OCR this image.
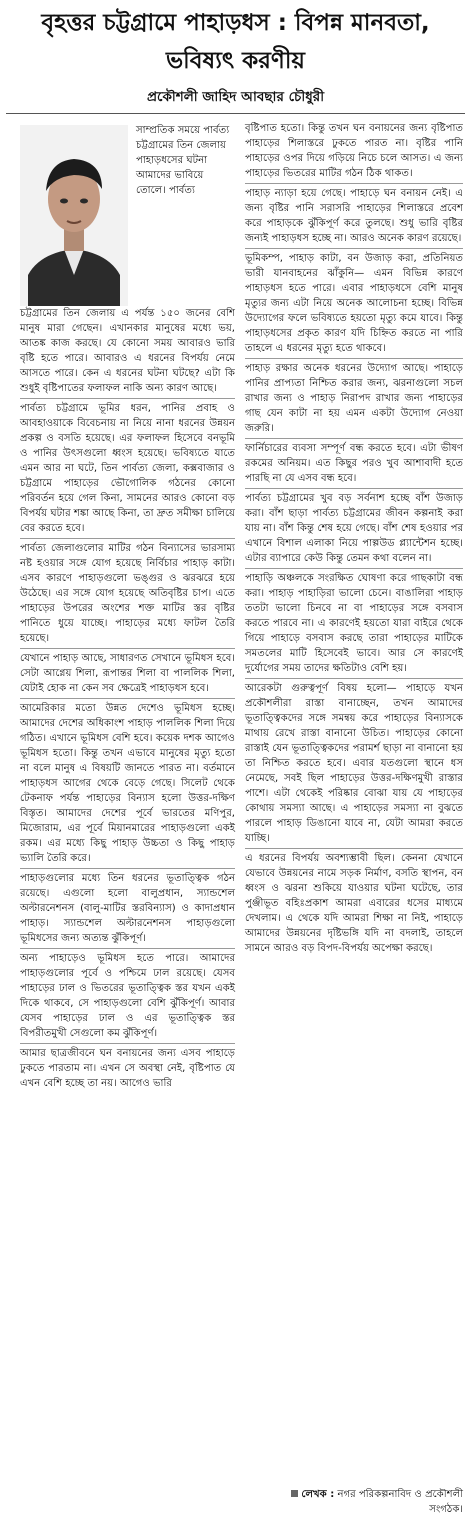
বৃহত্তর চট্টগ্রামে পাহাড়ধস : বিপন্ন মানবতা, ভবিষ্যৎ করণীয়
প্রকৌশলী জাহিদ আবছার চৌধুরী
সাম্প্রতিক সময়ে পার্বত্য চট্টগ্রামের তিন জেলায় পাহাড়ধসের ঘটনা আমাদের ভাবিয়ে তোলে। পার্বত্য

চট্টগ্রামের তিন জেলায় এ পর্যন্ত ১৫০ জনের বেশি মানুষ মারা গেছেন। এখানকার মানুষের মধ্যে ভয়, আতঙ্ক কাজ করছে। যে কোনো সময় আবারও ভারি বৃষ্টি হতে পারে। আবারও এ ধরনের বিপর্যয় নেমে আসতে পারে। কেন এ ধরনের ঘটনা ঘটছে? এটা কি শুধুই বৃষ্টিপাতের ফলাফল নাকি অন্য কারণ আছে।

পার্বত্য চট্টগ্রামে ভূমির ধরন, পানির প্রবাহ ও আবহাওয়াকে বিবেচনায় না নিয়ে নানা ধরনের উন্নয়ন প্রকল্প ও বসতি হয়েছে। এর ফলাফল হিসেবে বনভূমি ও পানির উৎসগুলো ধ্বংস হয়েছে। ভবিষ্যতে যাতে এমন আর না ঘটে, তিন পার্বত্য জেলা, কক্সবাজার ও চট্টগ্রামে পাহাড়ের ভৌগোলিক গঠনের কোনো পরিবর্তন হয়ে গেল কিনা, সামনের আরও কোনো বড় বিপর্যয় ঘটার শঙ্কা আছে কিনা, তা দ্রুত সমীক্ষা চালিয়ে বের করতে হবে।

পার্বত্য জেলাগুলোর মাটির গঠন বিন্যাসের ভারসাম্য নষ্ট হওয়ার সঙ্গে যোগ হয়েছে নির্বিচার পাহাড় কাটা। এসব কারণে পাহাড়গুলো ভঙ্গুর ও ঝরঝরে হয়ে উঠেছে। এর সঙ্গে যোগ হয়েছে অতিবৃষ্টির চাপ। এতে পাহাড়ের উপরের অংশের শক্ত মাটির স্তর বৃষ্টির পানিতে ধুয়ে যাচ্ছে। পাহাড়ের মধ্যে ফাটল তৈরি হয়েছে।

যেখানে পাহাড় আছে, সাধারণত সেখানে ভূমিধস হবে। সেটা আগ্নেয় শিলা, রূপান্তর শিলা বা পাললিক শিলা, যেটাই হোক না কেন সব ক্ষেত্রেই পাহাড়ধস হবে।

আমেরিকার মতো উন্নত দেশেও ভূমিধস হচ্ছে। আমাদের দেশের অধিকাংশ পাহাড় পাললিক শিলা দিয়ে গঠিত। এখানে ভূমিধস বেশি হবে। কয়েক দশক আগেও ভূমিধস হতো। কিন্তু তখন এভাবে মানুষের মৃত্যু হতো না বলে মানুষ এ বিষয়টি জানতে পারত না। বর্তমানে পাহাড়ধস আগের থেকে বেড়ে গেছে। সিলেট থেকে টেকনাফ পর্যন্ত পাহাড়ের বিন্যাস হলো উত্তর-দক্ষিণ বিস্তৃত। আমাদের দেশের পূর্বে ভারতের মণিপুর, মিজোরাম, এর পূর্বে মিয়ানমারের পাহাড়গুলো একই রকম। এর মধ্যে কিছু পাহাড় উচ্চতা ও কিছু পাহাড় ভ্যালি তৈরি করে।

পাহাড়গুলোর মধ্যে তিন ধরনের ভূতাত্ত্বিক গঠন রয়েছে। এগুলো হলো বালুপ্রধান, স্যান্ডশেল অল্টারনেশনস (বালু-মাটির স্তরবিন্যাস) ও কাদাপ্রধান পাহাড়। স্যান্ডশেল অল্টারনেশনস পাহাড়গুলো ভূমিধসের জন্য অত্যন্ত ঝুঁকিপূর্ণ।

অন্য পাহাড়েও ভূমিধস হতে পারে। আমাদের পাহাড়গুলোর পূর্বে ও পশ্চিমে ঢাল রয়েছে। যেসব পাহাড়ের ঢাল ও ভিতরের ভূতাত্ত্বিক স্তর যখন একই দিকে থাকবে, সে পাহাড়গুলো বেশি ঝুঁকিপূর্ণ। আবার যেসব পাহাড়ের ঢাল ও এর ভূতাত্ত্বিক স্তর বিপরীতমুখী সেগুলো কম ঝুঁকিপূর্ণ।

আমার ছাত্রজীবনে ঘন বনায়নের জন্য এসব পাহাড়ে ঢুকতে পারতাম না। এখন সে অবস্থা নেই, বৃষ্টিপাত যে এখন বেশি হচ্ছে তা নয়। আগেও ভারি

বৃষ্টিপাত হতো। কিন্তু তখন ঘন বনায়নের জন্য বৃষ্টিপাত পাহাড়ের শিলাস্তরে ঢুকতে পারত না। বৃষ্টির পানি পাহাড়ের ওপর দিয়ে গড়িয়ে নিচে চলে আসত। এ জন্য পাহাড়ের ভিতরের মাটির গঠন ঠিক থাকত।

পাহাড় ন্যাড়া হয়ে গেছে। পাহাড়ে ঘন বনায়ন নেই। এ জন্য বৃষ্টির পানি সরাসরি পাহাড়ের শিলাস্তরে প্রবেশ করে পাহাড়কে ঝুঁকিপূর্ণ করে তুলছে। শুধু ভারি বৃষ্টির জন্যই পাহাড়ধস হচ্ছে না। আরও অনেক কারণ রয়েছে।

ভূমিকম্প, পাহাড় কাটা, বন উজাড় করা, প্রতিনিয়ত ভারী যানবাহনের ঝাঁকুনি— এমন বিভিন্ন কারণে পাহাড়ধস হতে পারে। এবার পাহাড়ধসে বেশি মানুষ মৃত্যুর জন্য এটা নিয়ে অনেক আলোচনা হচ্ছে। বিভিন্ন উদ্যোগের ফলে ভবিষ্যতে হয়তো মৃত্যু কমে যাবে। কিন্তু পাহাড়ধসের প্রকৃত কারণ যদি চিহ্নিত করতে না পারি তাহলে এ ধরনের মৃত্যু হতে থাকবে।

পাহাড় রক্ষার অনেক ধরনের উদ্যোগ আছে। পাহাড়ে পানির প্রাপ্যতা নিশ্চিত করার জন্য, ঝরনাগুলো সচল রাখার জন্য ও পাহাড় নিরাপদ রাখার জন্য পাহাড়ের গাছ যেন কাটা না হয় এমন একটা উদ্যোগ নেওয়া জরুরি।

ফার্নিচারের ব্যবসা সম্পূর্ণ বন্ধ করতে হবে। এটা ভীষণ রকমের অনিয়ম। এত কিছুর পরও খুব আশাবাদী হতে পারছি না যে এসব বন্ধ হবে।

পার্বত্য চট্টগ্রামের খুব বড় সর্বনাশ হচ্ছে বাঁশ উজাড় করা। বাঁশ ছাড়া পার্বত্য চট্টগ্রামের জীবন কল্পনাই করা যায় না। বাঁশ কিন্তু শেষ হয়ে গেছে। বাঁশ শেষ হওয়ার পর এখানে বিশাল এলাকা নিয়ে পাল্পউড প্ল্যান্টেশন হচ্ছে। এটার ব্যাপারে কেউ কিন্তু তেমন কথা বলেন না।

পাহাড়ি অঞ্চলকে সংরক্ষিত ঘোষণা করে গাছকাটা বন্ধ করা। পাহাড় পাহাড়িরা ভালো চেনে। বাঙালিরা পাহাড় ততটা ভালো চিনবে না বা পাহাড়ের সঙ্গে বসবাস করতে পারবে না। এ কারণেই হয়তো যারা বাইরে থেকে গিয়ে পাহাড়ে বসবাস করছে তারা পাহাড়ের মাটিকে সমতলের মাটি হিসেবেই ভাবে। আর সে কারণেই দুর্যোগের সময় তাদের ক্ষতিটাও বেশি হয়।

আরেকটা গুরুত্বপূর্ণ বিষয় হলো— পাহাড়ে যখন প্রকৌশলীরা রাস্তা বানাচ্ছেন, তখন আমাদের ভূতাত্ত্বিকদের সঙ্গে সমন্বয় করে পাহাড়ের বিন্যাসকে মাথায় রেখে রাস্তা বানানো উচিত। পাহাড়ের কোনো রাস্তাই যেন ভূতাত্ত্বিকদের পরামর্শ ছাড়া না বানানো হয় তা নিশ্চিত করতে হবে। এবার যতগুলো স্থানে ধস নেমেছে, সবই ছিল পাহাড়ের উত্তর-দক্ষিণমুখী রাস্তার পাশে। এটা থেকেই পরিষ্কার বোঝা যায় যে পাহাড়ের কোথায় সমস্যা আছে। এ পাহাড়ের সমস্যা না বুঝতে পারলে পাহাড় ডিঙানো যাবে না, যেটা আমরা করতে যাচ্ছি।

এ ধরনের বিপর্যয় অবশ্যম্ভাবী ছিল। কেননা যেখানে যেভাবে উন্নয়নের নামে সড়ক নির্মাণ, বসতি স্থাপন, বন ধ্বংস ও ঝরনা শুকিয়ে যাওয়ার ঘটনা ঘটেছে, তার পুঞ্জীভূত বহিঃপ্রকাশ আমরা এবারের ধসের মাধ্যমে দেখলাম। এ থেকে যদি আমরা শিক্ষা না নিই, পাহাড়ে আমাদের উন্নয়নের দৃষ্টিভঙ্গি যদি না বদলাই, তাহলে সামনে আরও বড় বিপদ-বিপর্যয় অপেক্ষা করছে।

লেখক : নগর পরিকল্পনাবিদ ও প্রকৌশলী সংগঠক।
